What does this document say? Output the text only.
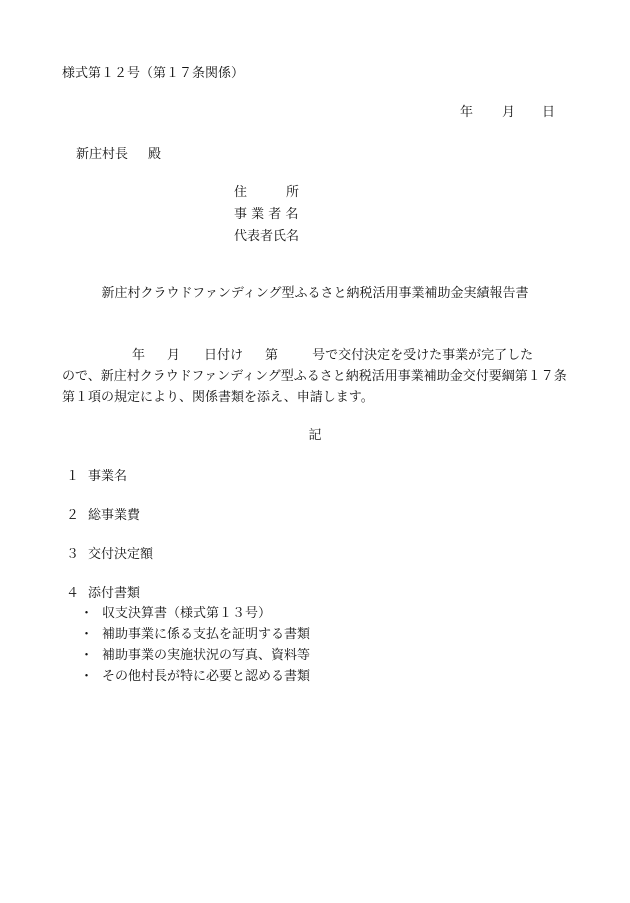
様式第１２号（第１７条関係）
年 月 日
新庄村長 殿
住　　　所
事 業 者 名
代表者氏名
新庄村クラウドファンディング型ふるさと納税活用事業補助金実績報告書
年 月 日付け 第	号で交付決定を受けた事業が完了した
ので、新庄村クラウドファンディング型ふるさと納税活用事業補助金交付要綱第１７条第１項の規定により、関係書類を添え、申請します。
記
１ 事業名
２ 総事業費
３ 交付決定額
４ 添付書類
・ 収支決算書（様式第１３号）
・ 補助事業に係る支払を証明する書類
・ 補助事業の実施状況の写真、資料等
・ その他村長が特に必要と認める書類
